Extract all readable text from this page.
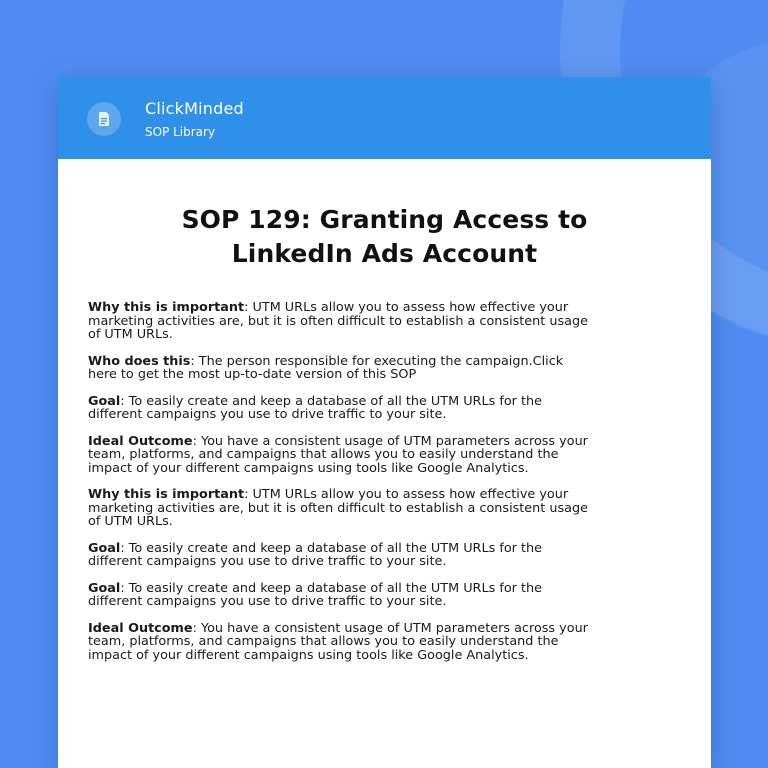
ClickMinded
SOP Library
SOP 129: Granting Access to
LinkedIn Ads Account

Why this is important: UTM URLs allow you to assess how effective your marketing activities are, but it is often difficult to establish a consistent usage of UTM URLs.

Who does this: The person responsible for executing the campaign.Click here to get the most up-to-date version of this SOP

Goal: To easily create and keep a database of all the UTM URLs for the different campaigns you use to drive traffic to your site.

Ideal Outcome: You have a consistent usage of UTM parameters across your team, platforms, and campaigns that allows you to easily understand the impact of your different campaigns using tools like Google Analytics.

Why this is important: UTM URLs allow you to assess how effective your marketing activities are, but it is often difficult to establish a consistent usage of UTM URLs.

Goal: To easily create and keep a database of all the UTM URLs for the different campaigns you use to drive traffic to your site.

Goal: To easily create and keep a database of all the UTM URLs for the different campaigns you use to drive traffic to your site.

Ideal Outcome: You have a consistent usage of UTM parameters across your team, platforms, and campaigns that allows you to easily understand the impact of your different campaigns using tools like Google Analytics.
